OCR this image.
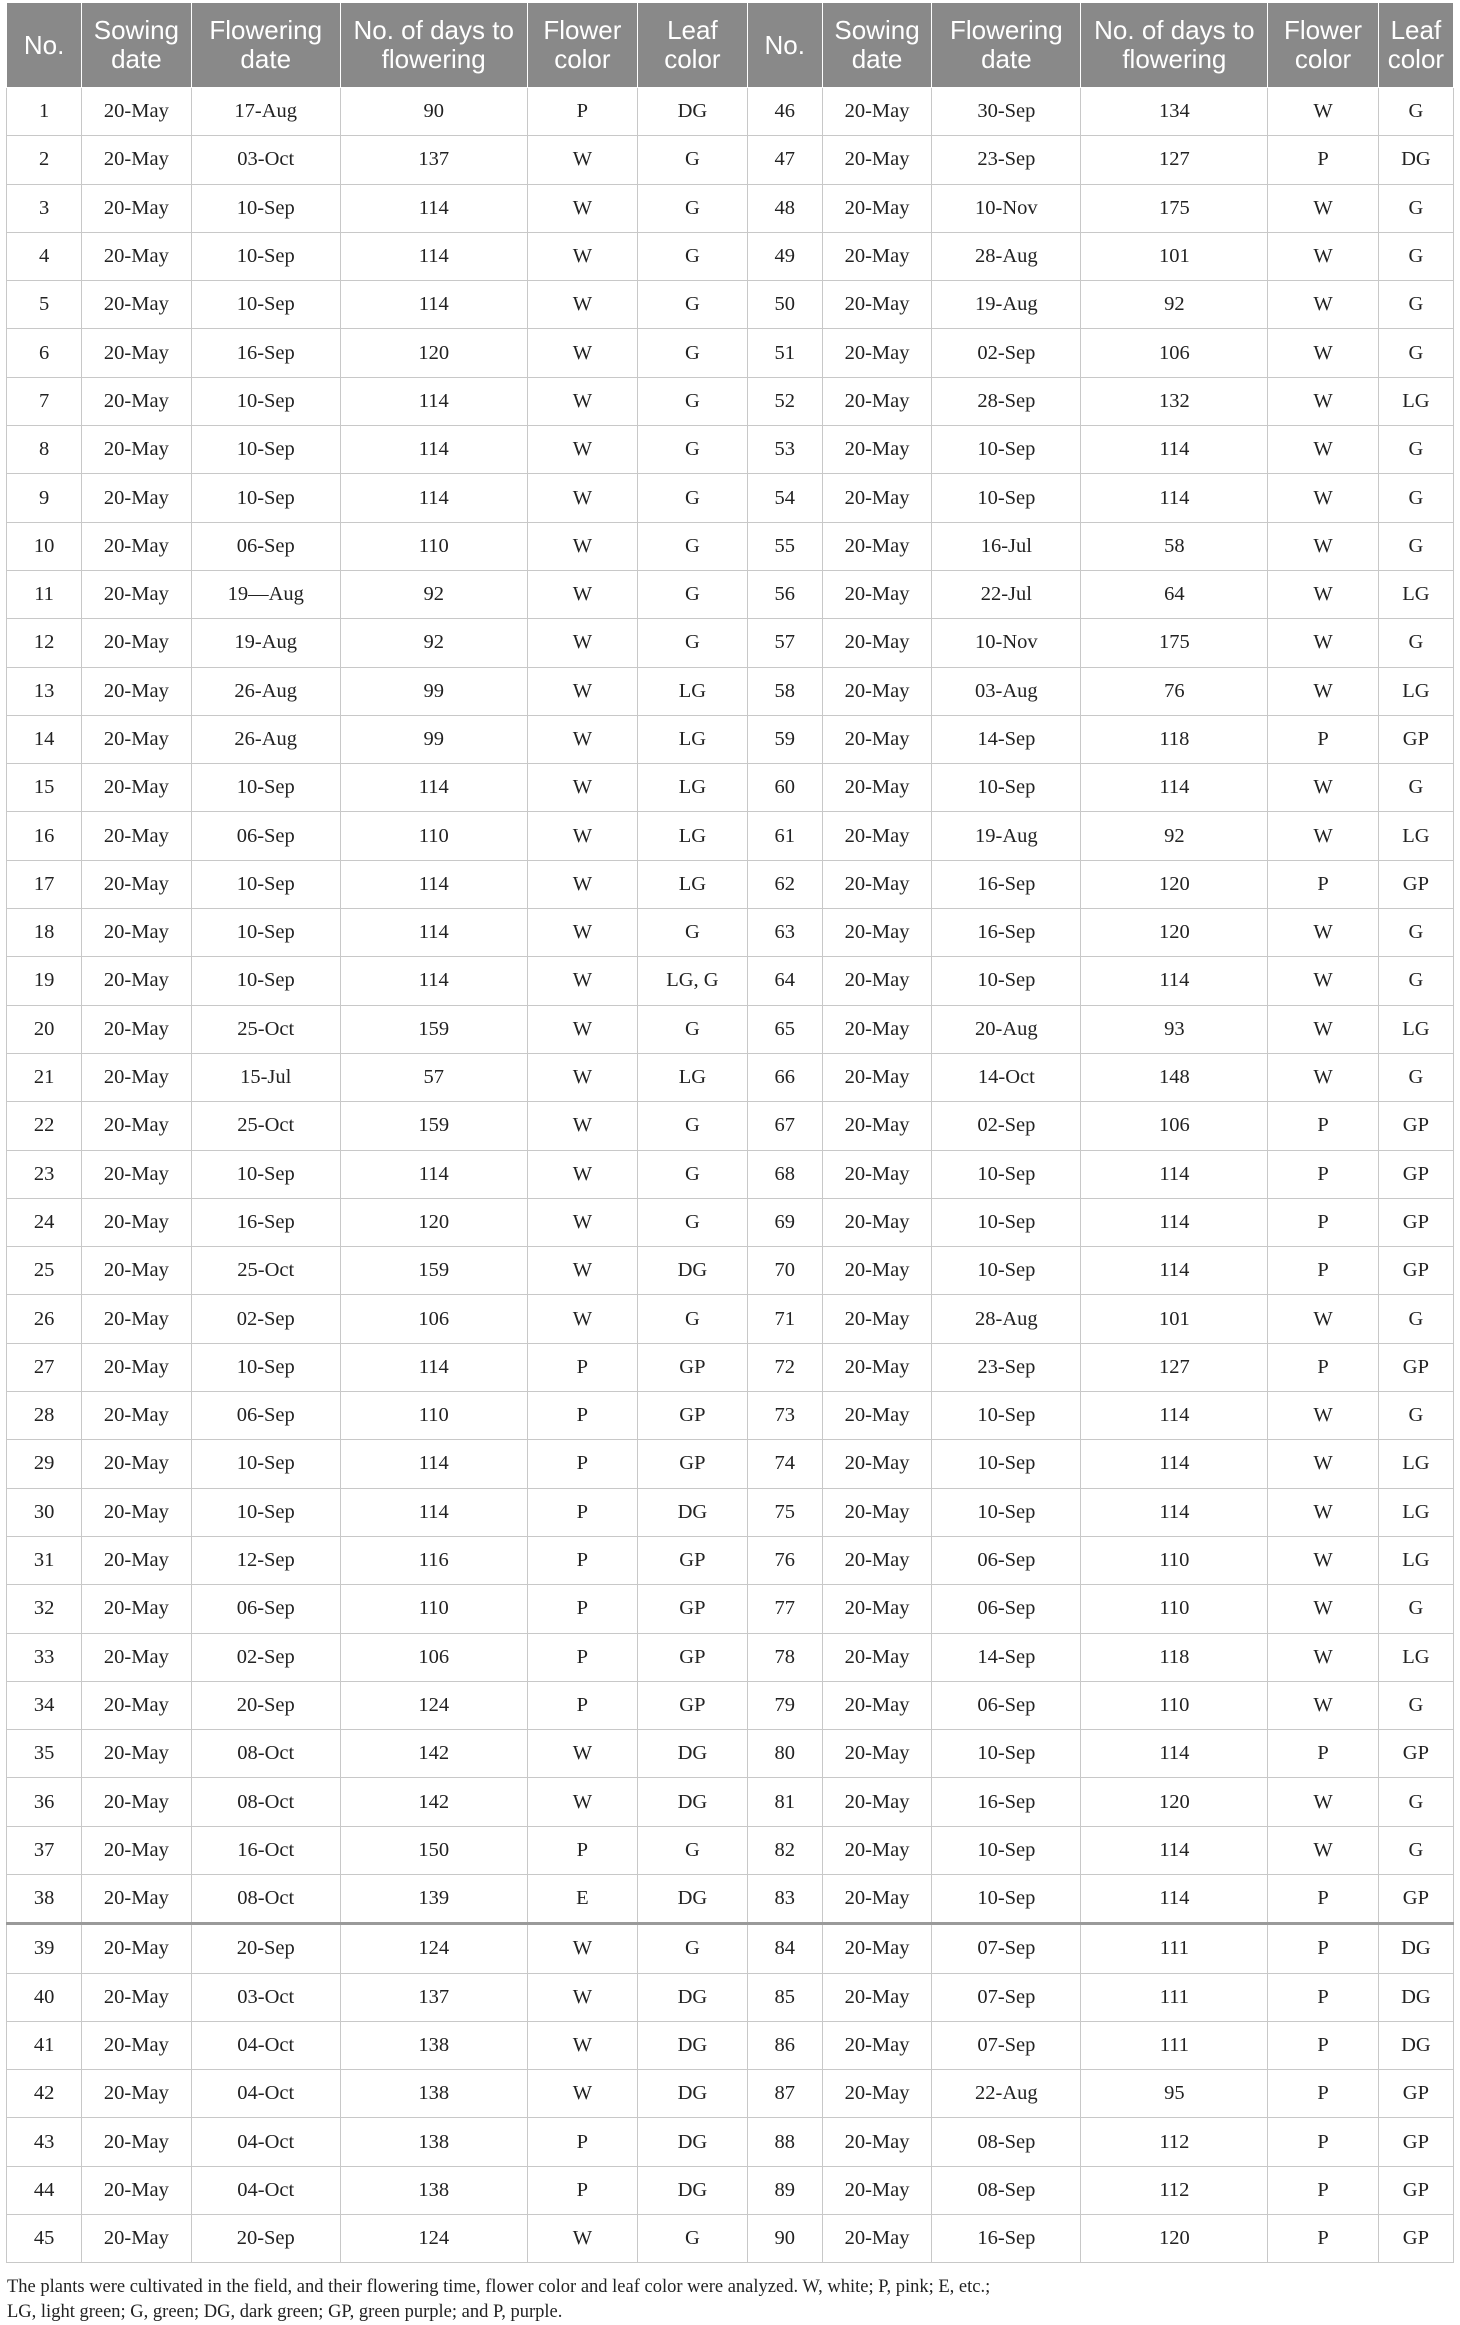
No.	Sowing date	Flowering date	No. of days to flowering	Flower color	Leaf color	No.	Sowing date	Flowering date	No. of days to flowering	Flower color	Leaf color
1	20-May	17-Aug	90	P	DG	46	20-May	30-Sep	134	W	G
2	20-May	03-Oct	137	W	G	47	20-May	23-Sep	127	P	DG
3	20-May	10-Sep	114	W	G	48	20-May	10-Nov	175	W	G
4	20-May	10-Sep	114	W	G	49	20-May	28-Aug	101	W	G
5	20-May	10-Sep	114	W	G	50	20-May	19-Aug	92	W	G
6	20-May	16-Sep	120	W	G	51	20-May	02-Sep	106	W	G
7	20-May	10-Sep	114	W	G	52	20-May	28-Sep	132	W	LG
8	20-May	10-Sep	114	W	G	53	20-May	10-Sep	114	W	G
9	20-May	10-Sep	114	W	G	54	20-May	10-Sep	114	W	G
10	20-May	06-Sep	110	W	G	55	20-May	16-Jul	58	W	G
11	20-May	19—Aug	92	W	G	56	20-May	22-Jul	64	W	LG
12	20-May	19-Aug	92	W	G	57	20-May	10-Nov	175	W	G
13	20-May	26-Aug	99	W	LG	58	20-May	03-Aug	76	W	LG
14	20-May	26-Aug	99	W	LG	59	20-May	14-Sep	118	P	GP
15	20-May	10-Sep	114	W	LG	60	20-May	10-Sep	114	W	G
16	20-May	06-Sep	110	W	LG	61	20-May	19-Aug	92	W	LG
17	20-May	10-Sep	114	W	LG	62	20-May	16-Sep	120	P	GP
18	20-May	10-Sep	114	W	G	63	20-May	16-Sep	120	W	G
19	20-May	10-Sep	114	W	LG, G	64	20-May	10-Sep	114	W	G
20	20-May	25-Oct	159	W	G	65	20-May	20-Aug	93	W	LG
21	20-May	15-Jul	57	W	LG	66	20-May	14-Oct	148	W	G
22	20-May	25-Oct	159	W	G	67	20-May	02-Sep	106	P	GP
23	20-May	10-Sep	114	W	G	68	20-May	10-Sep	114	P	GP
24	20-May	16-Sep	120	W	G	69	20-May	10-Sep	114	P	GP
25	20-May	25-Oct	159	W	DG	70	20-May	10-Sep	114	P	GP
26	20-May	02-Sep	106	W	G	71	20-May	28-Aug	101	W	G
27	20-May	10-Sep	114	P	GP	72	20-May	23-Sep	127	P	GP
28	20-May	06-Sep	110	P	GP	73	20-May	10-Sep	114	W	G
29	20-May	10-Sep	114	P	GP	74	20-May	10-Sep	114	W	LG
30	20-May	10-Sep	114	P	DG	75	20-May	10-Sep	114	W	LG
31	20-May	12-Sep	116	P	GP	76	20-May	06-Sep	110	W	LG
32	20-May	06-Sep	110	P	GP	77	20-May	06-Sep	110	W	G
33	20-May	02-Sep	106	P	GP	78	20-May	14-Sep	118	W	LG
34	20-May	20-Sep	124	P	GP	79	20-May	06-Sep	110	W	G
35	20-May	08-Oct	142	W	DG	80	20-May	10-Sep	114	P	GP
36	20-May	08-Oct	142	W	DG	81	20-May	16-Sep	120	W	G
37	20-May	16-Oct	150	P	G	82	20-May	10-Sep	114	W	G
38	20-May	08-Oct	139	E	DG	83	20-May	10-Sep	114	P	GP
39	20-May	20-Sep	124	W	G	84	20-May	07-Sep	111	P	DG
40	20-May	03-Oct	137	W	DG	85	20-May	07-Sep	111	P	DG
41	20-May	04-Oct	138	W	DG	86	20-May	07-Sep	111	P	DG
42	20-May	04-Oct	138	W	DG	87	20-May	22-Aug	95	P	GP
43	20-May	04-Oct	138	P	DG	88	20-May	08-Sep	112	P	GP
44	20-May	04-Oct	138	P	DG	89	20-May	08-Sep	112	P	GP
45	20-May	20-Sep	124	W	G	90	20-May	16-Sep	120	P	GP
The plants were cultivated in the field, and their flowering time, flower color and leaf color were analyzed. W, white; P, pink; E, etc.;
LG, light green; G, green; DG, dark green; GP, green purple; and P, purple.
